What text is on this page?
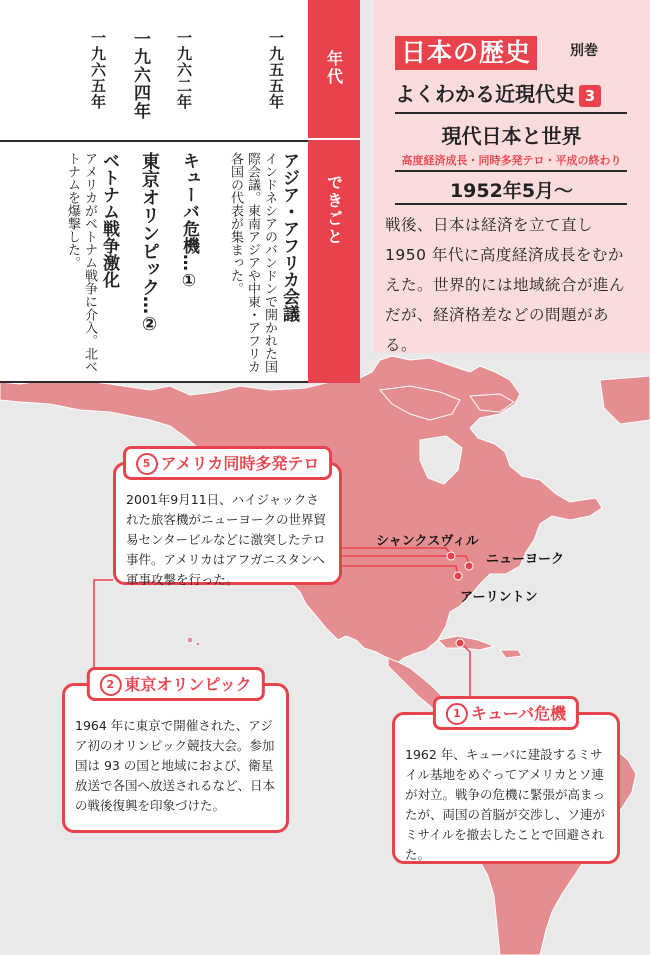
年代
できごと
一九五五年
アジア・アフリカ会議
インドネシアのバンドンで開かれた国際会議。東南アジアや中東・アフリカ各国の代表が集まった。
一九六二年
キューバ危機…①
一九六四年
東京オリンピック…②
一九六五年
ベトナム戦争激化
アメリカがベトナム戦争に介入。北ベトナムを爆撃した。
日本の歴史	別巻
よくわかる近現代史 3
現代日本と世界
高度経済成長・同時多発テロ・平成の終わり
1952年5月～
戦後、日本は経済を立て直し 1950 年代に高度経済成長をむかえた。世界的には地域統合が進んだが、経済格差などの問題がある。
シャンクスヴィル
ニューヨーク
アーリントン
5 アメリカ同時多発テロ
2001年9月11日、ハイジャックされた旅客機がニューヨークの世界貿易センタービルなどに激突したテロ事件。アメリカはアフガニスタンへ軍事攻撃を行った。
2 東京オリンピック
1964 年に東京で開催された、アジア初のオリンピック競技大会。参加国は 93 の国と地域におよび、衛星放送で各国へ放送されるなど、日本の戦後復興を印象づけた。
1 キューバ危機
1962 年、キューバに建設するミサイル基地をめぐってアメリカとソ連が対立。戦争の危機に緊張が高まったが、両国の首脳が交渉し、ソ連がミサイルを撤去したことで回避された。
